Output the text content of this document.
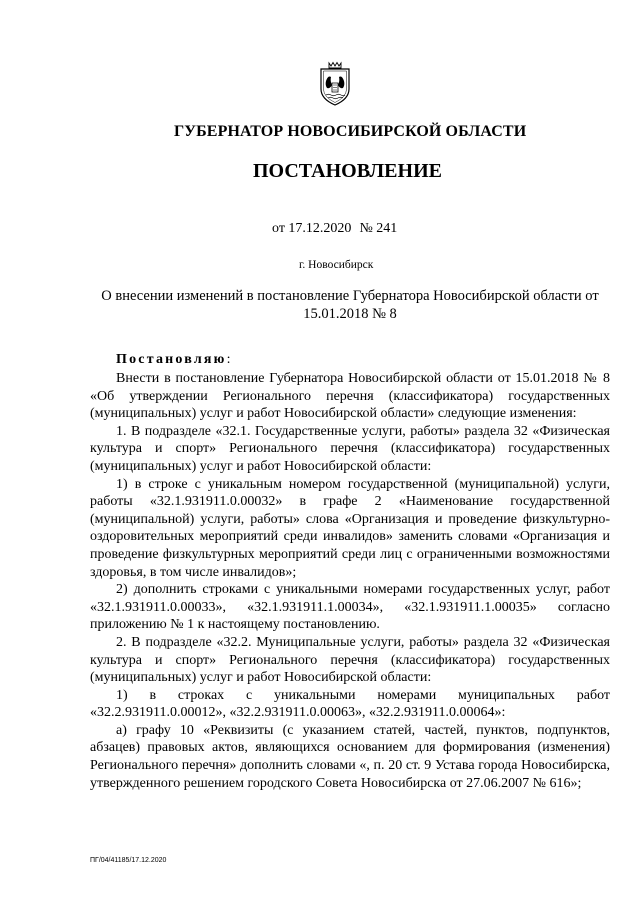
ГУБЕРНАТОР НОВОСИБИРСКОЙ ОБЛАСТИ
ПОСТАНОВЛЕНИЕ
от 17.12.2020 № 241
г. Новосибирск
О внесении изменений в постановление Губернатора Новосибирской области от 15.01.2018 № 8
Постановляю:

Внести в постановление Губернатора Новосибирской области от 15.01.2018 № 8 «Об утверждении Регионального перечня (классификатора) государственных (муниципальных) услуг и работ Новосибирской области» следующие изменения:

1. В подразделе «32.1. Государственные услуги, работы» раздела 32 «Физическая культура и спорт» Регионального перечня (классификатора) государственных (муниципальных) услуг и работ Новосибирской области:

1) в строке с уникальным номером государственной (муниципальной) услуги, работы «32.1.931911.0.00032» в графе 2 «Наименование государственной (муниципальной) услуги, работы» слова «Организация и проведение физкультурно-оздоровительных мероприятий среди инвалидов» заменить словами «Организация и проведение физкультурных мероприятий среди лиц с ограниченными возможностями здоровья, в том числе инвалидов»;

2) дополнить строками с уникальными номерами государственных услуг, работ «32.1.931911.0.00033», «32.1.931911.1.00034», «32.1.931911.1.00035» согласно приложению № 1 к настоящему постановлению.

2. В подразделе «32.2. Муниципальные услуги, работы» раздела 32 «Физическая культура и спорт» Регионального перечня (классификатора) государственных (муниципальных) услуг и работ Новосибирской области:

1) в строках с уникальными номерами муниципальных работ «32.2.931911.0.00012», «32.2.931911.0.00063», «32.2.931911.0.00064»:

а) графу 10 «Реквизиты (с указанием статей, частей, пунктов, подпунктов, абзацев) правовых актов, являющихся основанием для формирования (изменения) Регионального перечня» дополнить словами «, п. 20 ст. 9 Устава города Новосибирска, утвержденного решением городского Совета Новосибирска от 27.06.2007 № 616»;

ПГ/04/41185/17.12.2020
